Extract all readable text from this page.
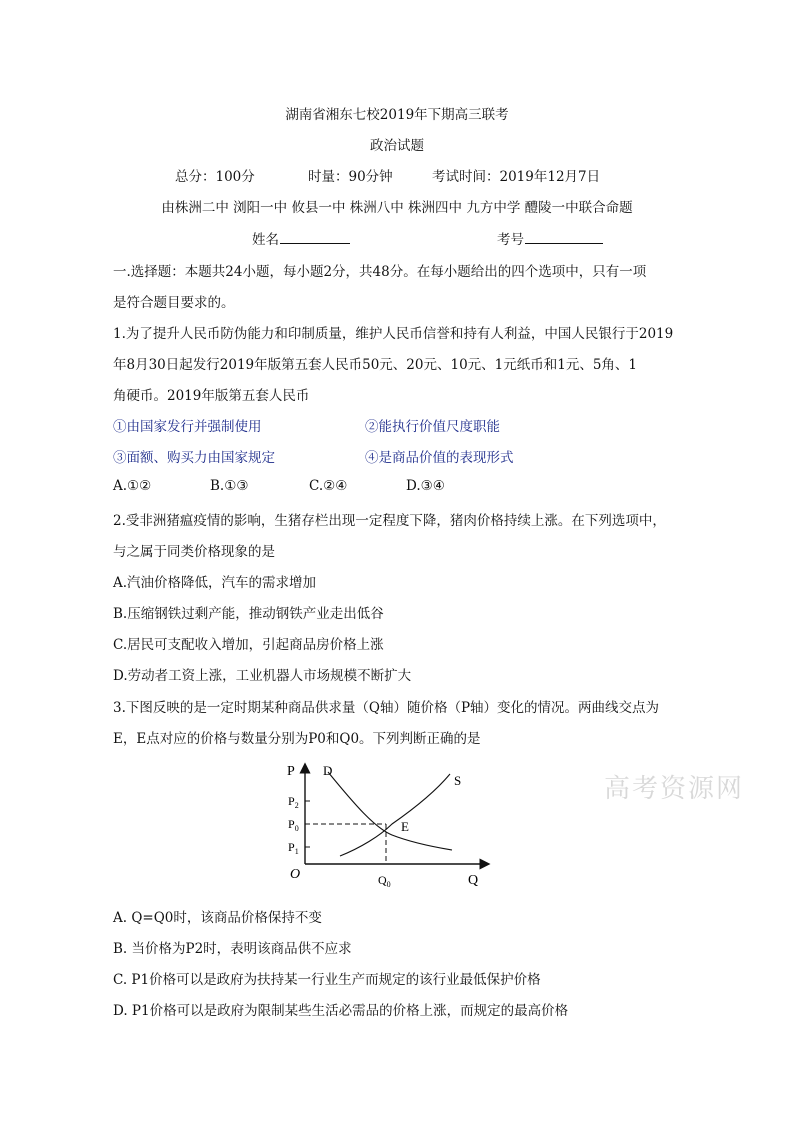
湖南省湘东七校2019年下期高三联考
政治试题
总分：100分	时量：90分钟	考试时间：2019年12月7日
由株洲二中 浏阳一中 攸县一中 株洲八中 株洲四中 九方中学 醴陵一中联合命题
姓名	考号
一.选择题：本题共24小题，每小题2分，共48分。在每小题给出的四个选项中，只有一项
是符合题目要求的。
1.为了提升人民币防伪能力和印制质量，维护人民币信誉和持有人利益，中国人民银行于2019
年8月30日起发行2019年版第五套人民币50元、20元、10元、1元纸币和1元、5角、1
角硬币。2019年版第五套人民币
①由国家发行并强制使用	②能执行价值尺度职能
③面额、购买力由国家规定	④是商品价值的表现形式
A.①②	B.①③	C.②④	D.③④
2.受非洲猪瘟疫情的影响，生猪存栏出现一定程度下降，猪肉价格持续上涨。在下列选项中，
与之属于同类价格现象的是
A.汽油价格降低，汽车的需求增加
B.压缩钢铁过剩产能，推动钢铁产业走出低谷
C.居民可支配收入增加，引起商品房价格上涨
D.劳动者工资上涨，工业机器人市场规模不断扩大
3.下图反映的是一定时期某种商品供求量（Q轴）随价格（P轴）变化的情况。两曲线交点为
E，E点对应的价格与数量分别为P0和Q0。下列判断正确的是
P D
S
$P_2$
$P_0$
$P_1$
E
O	$Q_0$	Q
高考资源网
A. Q=Q0时，该商品价格保持不变
B. 当价格为P2时，表明该商品供不应求
C. P1价格可以是政府为扶持某一行业生产而规定的该行业最低保护价格
D. P1价格可以是政府为限制某些生活必需品的价格上涨，而规定的最高价格
